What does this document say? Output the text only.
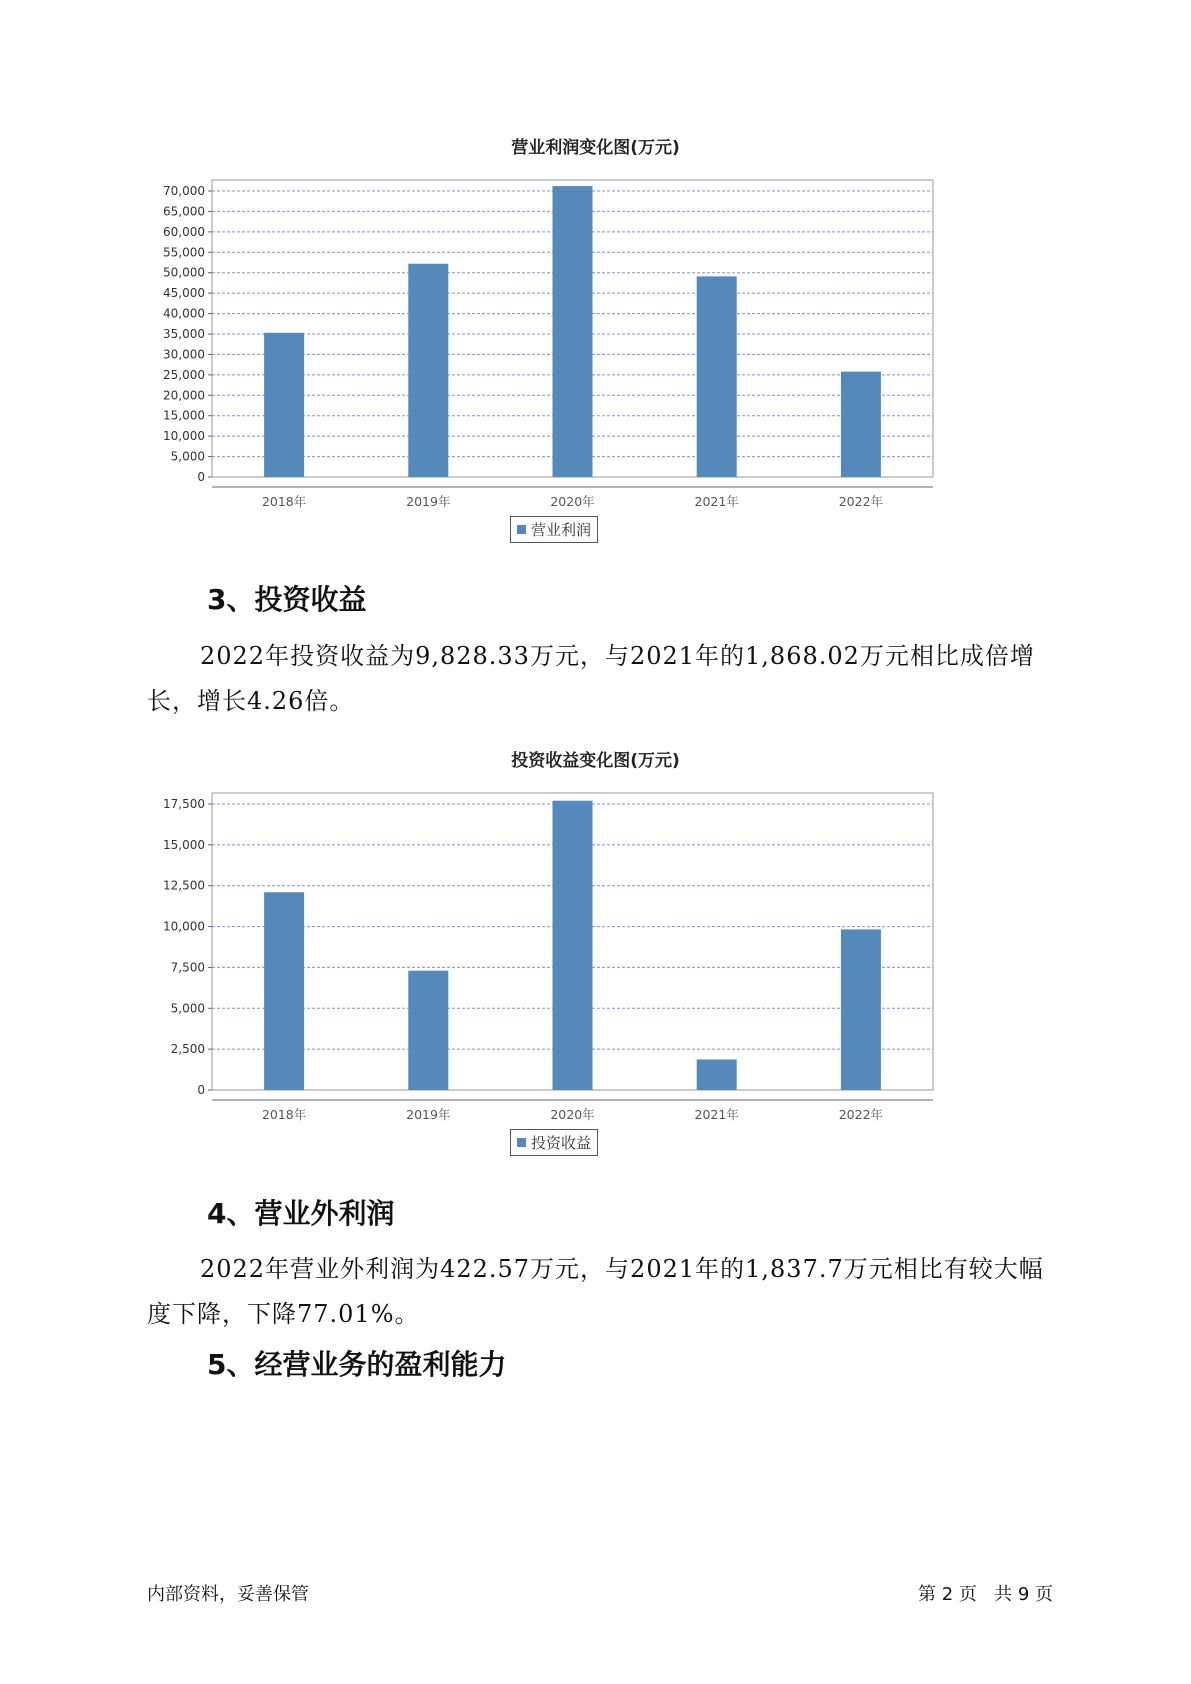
营业利润变化图(万元)
0
5,000
10,000
15,000
20,000
25,000
30,000
35,000
40,000
45,000
50,000
55,000
60,000
65,000
70,000
2018年	2019年	2020年	2021年	2022年
营业利润
3、投资收益
2022年投资收益为9,828.33万元，与2021年的1,868.02万元相比成倍增长，增长4.26倍。
投资收益变化图(万元)
0
2,500
5,000
7,500
10,000
12,500
15,000
17,500
2018年	2019年	2020年	2021年	2022年
投资收益
4、营业外利润
2022年营业外利润为422.57万元，与2021年的1,837.7万元相比有较大幅度下降，下降77.01%。
5、经营业务的盈利能力
内部资料，妥善保管	第 2 页   共 9 页
